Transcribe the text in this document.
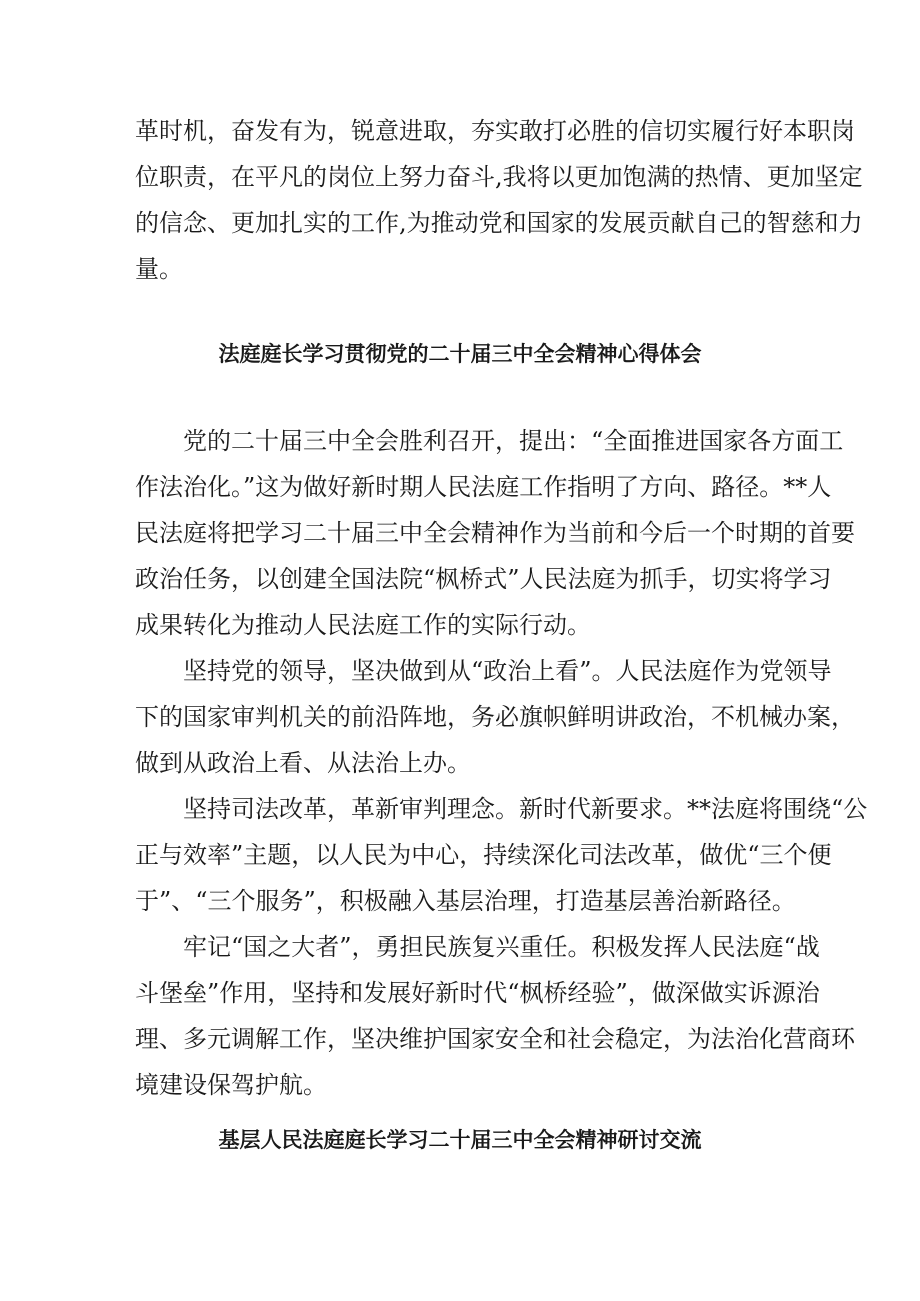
革时机，奋发有为，锐意进取，夯实敢打必胜的信切实履行好本职岗
位职责，在平凡的岗位上努力奋斗,我将以更加饱满的热情、更加坚定
的信念、更加扎实的工作,为推动党和国家的发展贡献自己的智慈和力
量。
法庭庭长学习贯彻党的二十届三中全会精神心得体会
党的二十届三中全会胜利召开，提出：“全面推进国家各方面工
作法治化。”这为做好新时期人民法庭工作指明了方向、路径。**人
民法庭将把学习二十届三中全会精神作为当前和今后一个时期的首要
政治任务，以创建全国法院“枫桥式”人民法庭为抓手，切实将学习
成果转化为推动人民法庭工作的实际行动。
坚持党的领导，坚决做到从“政治上看”。人民法庭作为党领导
下的国家审判机关的前沿阵地，务必旗帜鲜明讲政治，不机械办案，
做到从政治上看、从法治上办。
坚持司法改革，革新审判理念。新时代新要求。**法庭将围绕“公
正与效率”主题，以人民为中心，持续深化司法改革，做优“三个便
于”、“三个服务”，积极融入基层治理，打造基层善治新路径。
牢记“国之大者”，勇担民族复兴重任。积极发挥人民法庭“战
斗堡垒”作用，坚持和发展好新时代“枫桥经验”，做深做实诉源治
理、多元调解工作，坚决维护国家安全和社会稳定，为法治化营商环
境建设保驾护航。
基层人民法庭庭长学习二十届三中全会精神研讨交流
